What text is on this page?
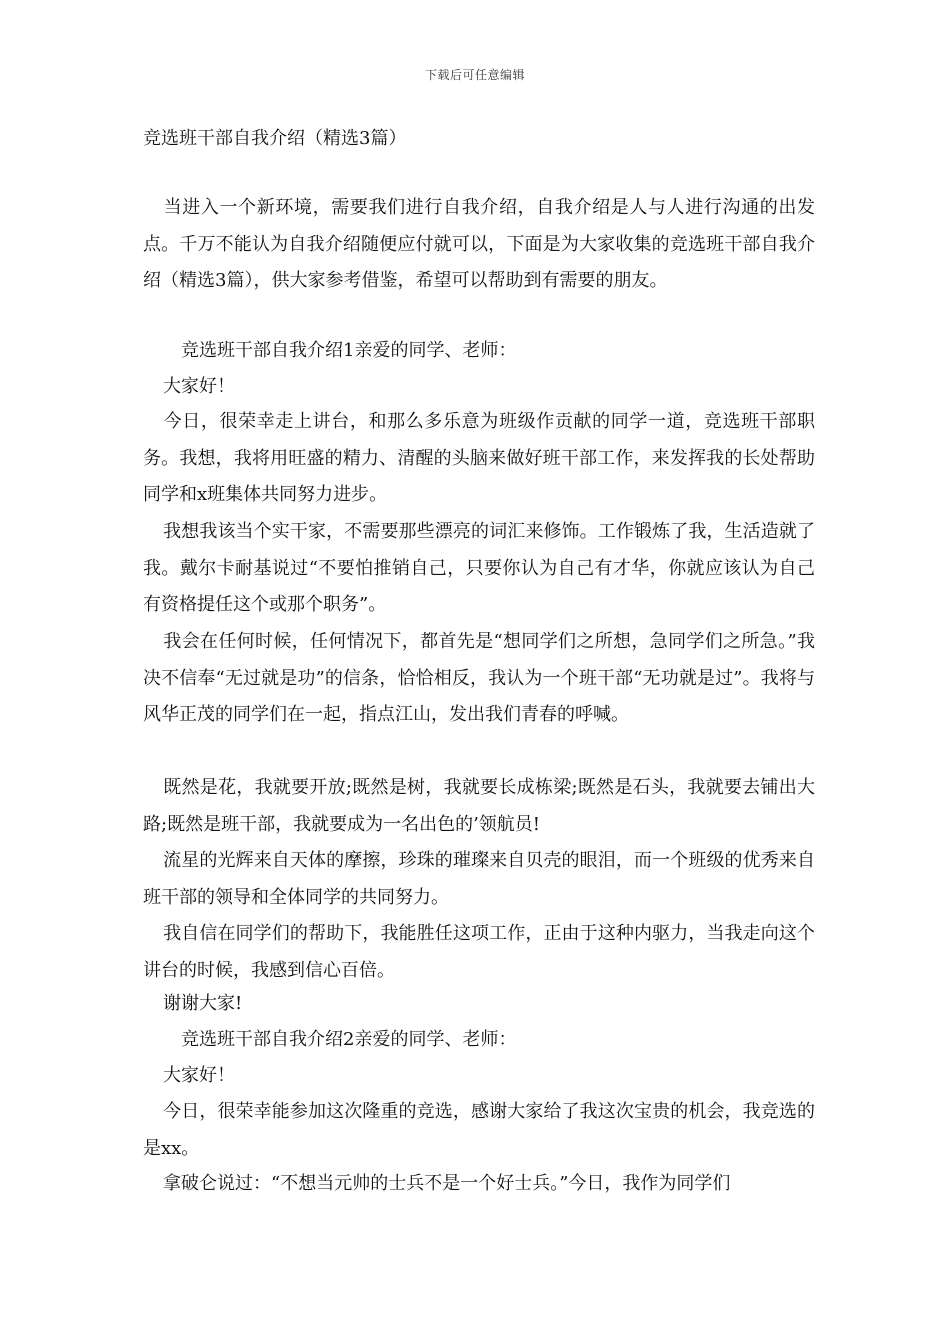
下载后可任意编辑
竞选班干部自我介绍（精选3篇）

当进入一个新环境，需要我们进行自我介绍，自我介绍是人与人进行沟通的出发点。千万不能认为自我介绍随便应付就可以，下面是为大家收集的竞选班干部自我介绍（精选3篇），供大家参考借鉴，希望可以帮助到有需要的朋友。

竞选班干部自我介绍1亲爱的同学、老师：

大家好！

今日，很荣幸走上讲台，和那么多乐意为班级作贡献的同学一道，竞选班干部职务。我想，我将用旺盛的精力、清醒的头脑来做好班干部工作，来发挥我的长处帮助同学和x班集体共同努力进步。

我想我该当个实干家，不需要那些漂亮的词汇来修饰。工作锻炼了我，生活造就了我。戴尔卡耐基说过“不要怕推销自己，只要你认为自己有才华，你就应该认为自己有资格提任这个或那个职务”。

我会在任何时候，任何情况下，都首先是“想同学们之所想，急同学们之所急。”我决不信奉“无过就是功”的信条，恰恰相反，我认为一个班干部“无功就是过”。我将与风华正茂的同学们在一起，指点江山，发出我们青春的呼喊。

既然是花，我就要开放;既然是树，我就要长成栋梁;既然是石头，我就要去铺出大路;既然是班干部，我就要成为一名出色的’领航员!

流星的光辉来自天体的摩擦，珍珠的璀璨来自贝壳的眼泪，而一个班级的优秀来自班干部的领导和全体同学的共同努力。

我自信在同学们的帮助下，我能胜任这项工作，正由于这种内驱力，当我走向这个讲台的时候，我感到信心百倍。

谢谢大家!

竞选班干部自我介绍2亲爱的同学、老师：

大家好！

今日，很荣幸能参加这次隆重的竞选，感谢大家给了我这次宝贵的机会，我竞选的是xx。

拿破仑说过：“不想当元帅的士兵不是一个好士兵。”今日，我作为同学们
